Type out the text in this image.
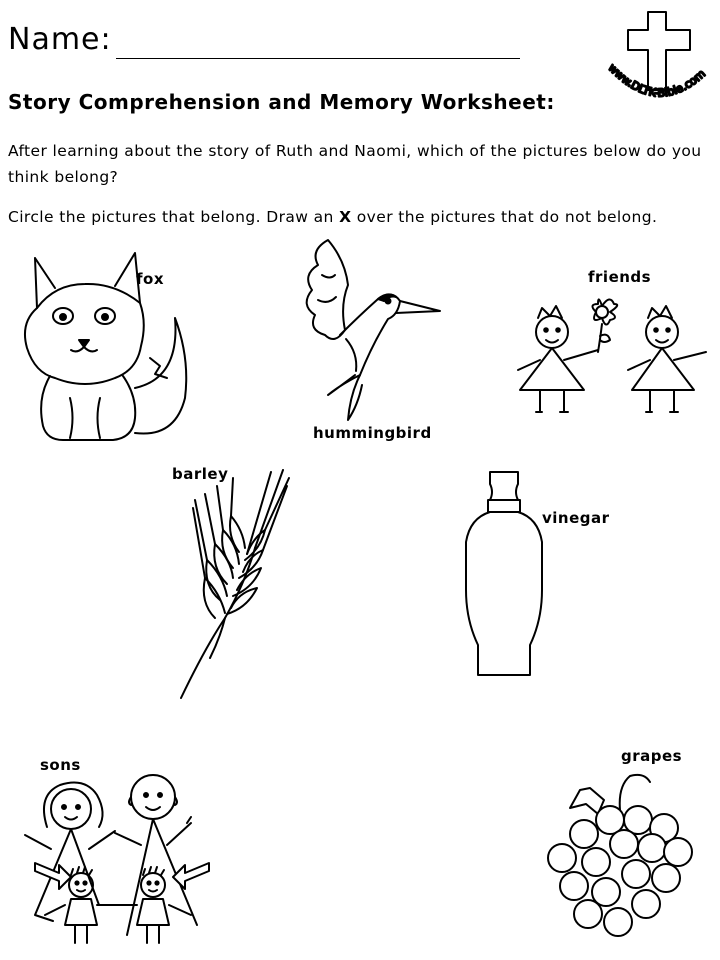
Name:
Story Comprehension and Memory Worksheet:
www.DLTK-Bible.com
After learning about the story of Ruth and Naomi, which of the pictures below do you think belong?
Circle the pictures that belong. Draw an X over the pictures that do not belong.
fox
hummingbird
friends
barley
vinegar
sons	grapes
